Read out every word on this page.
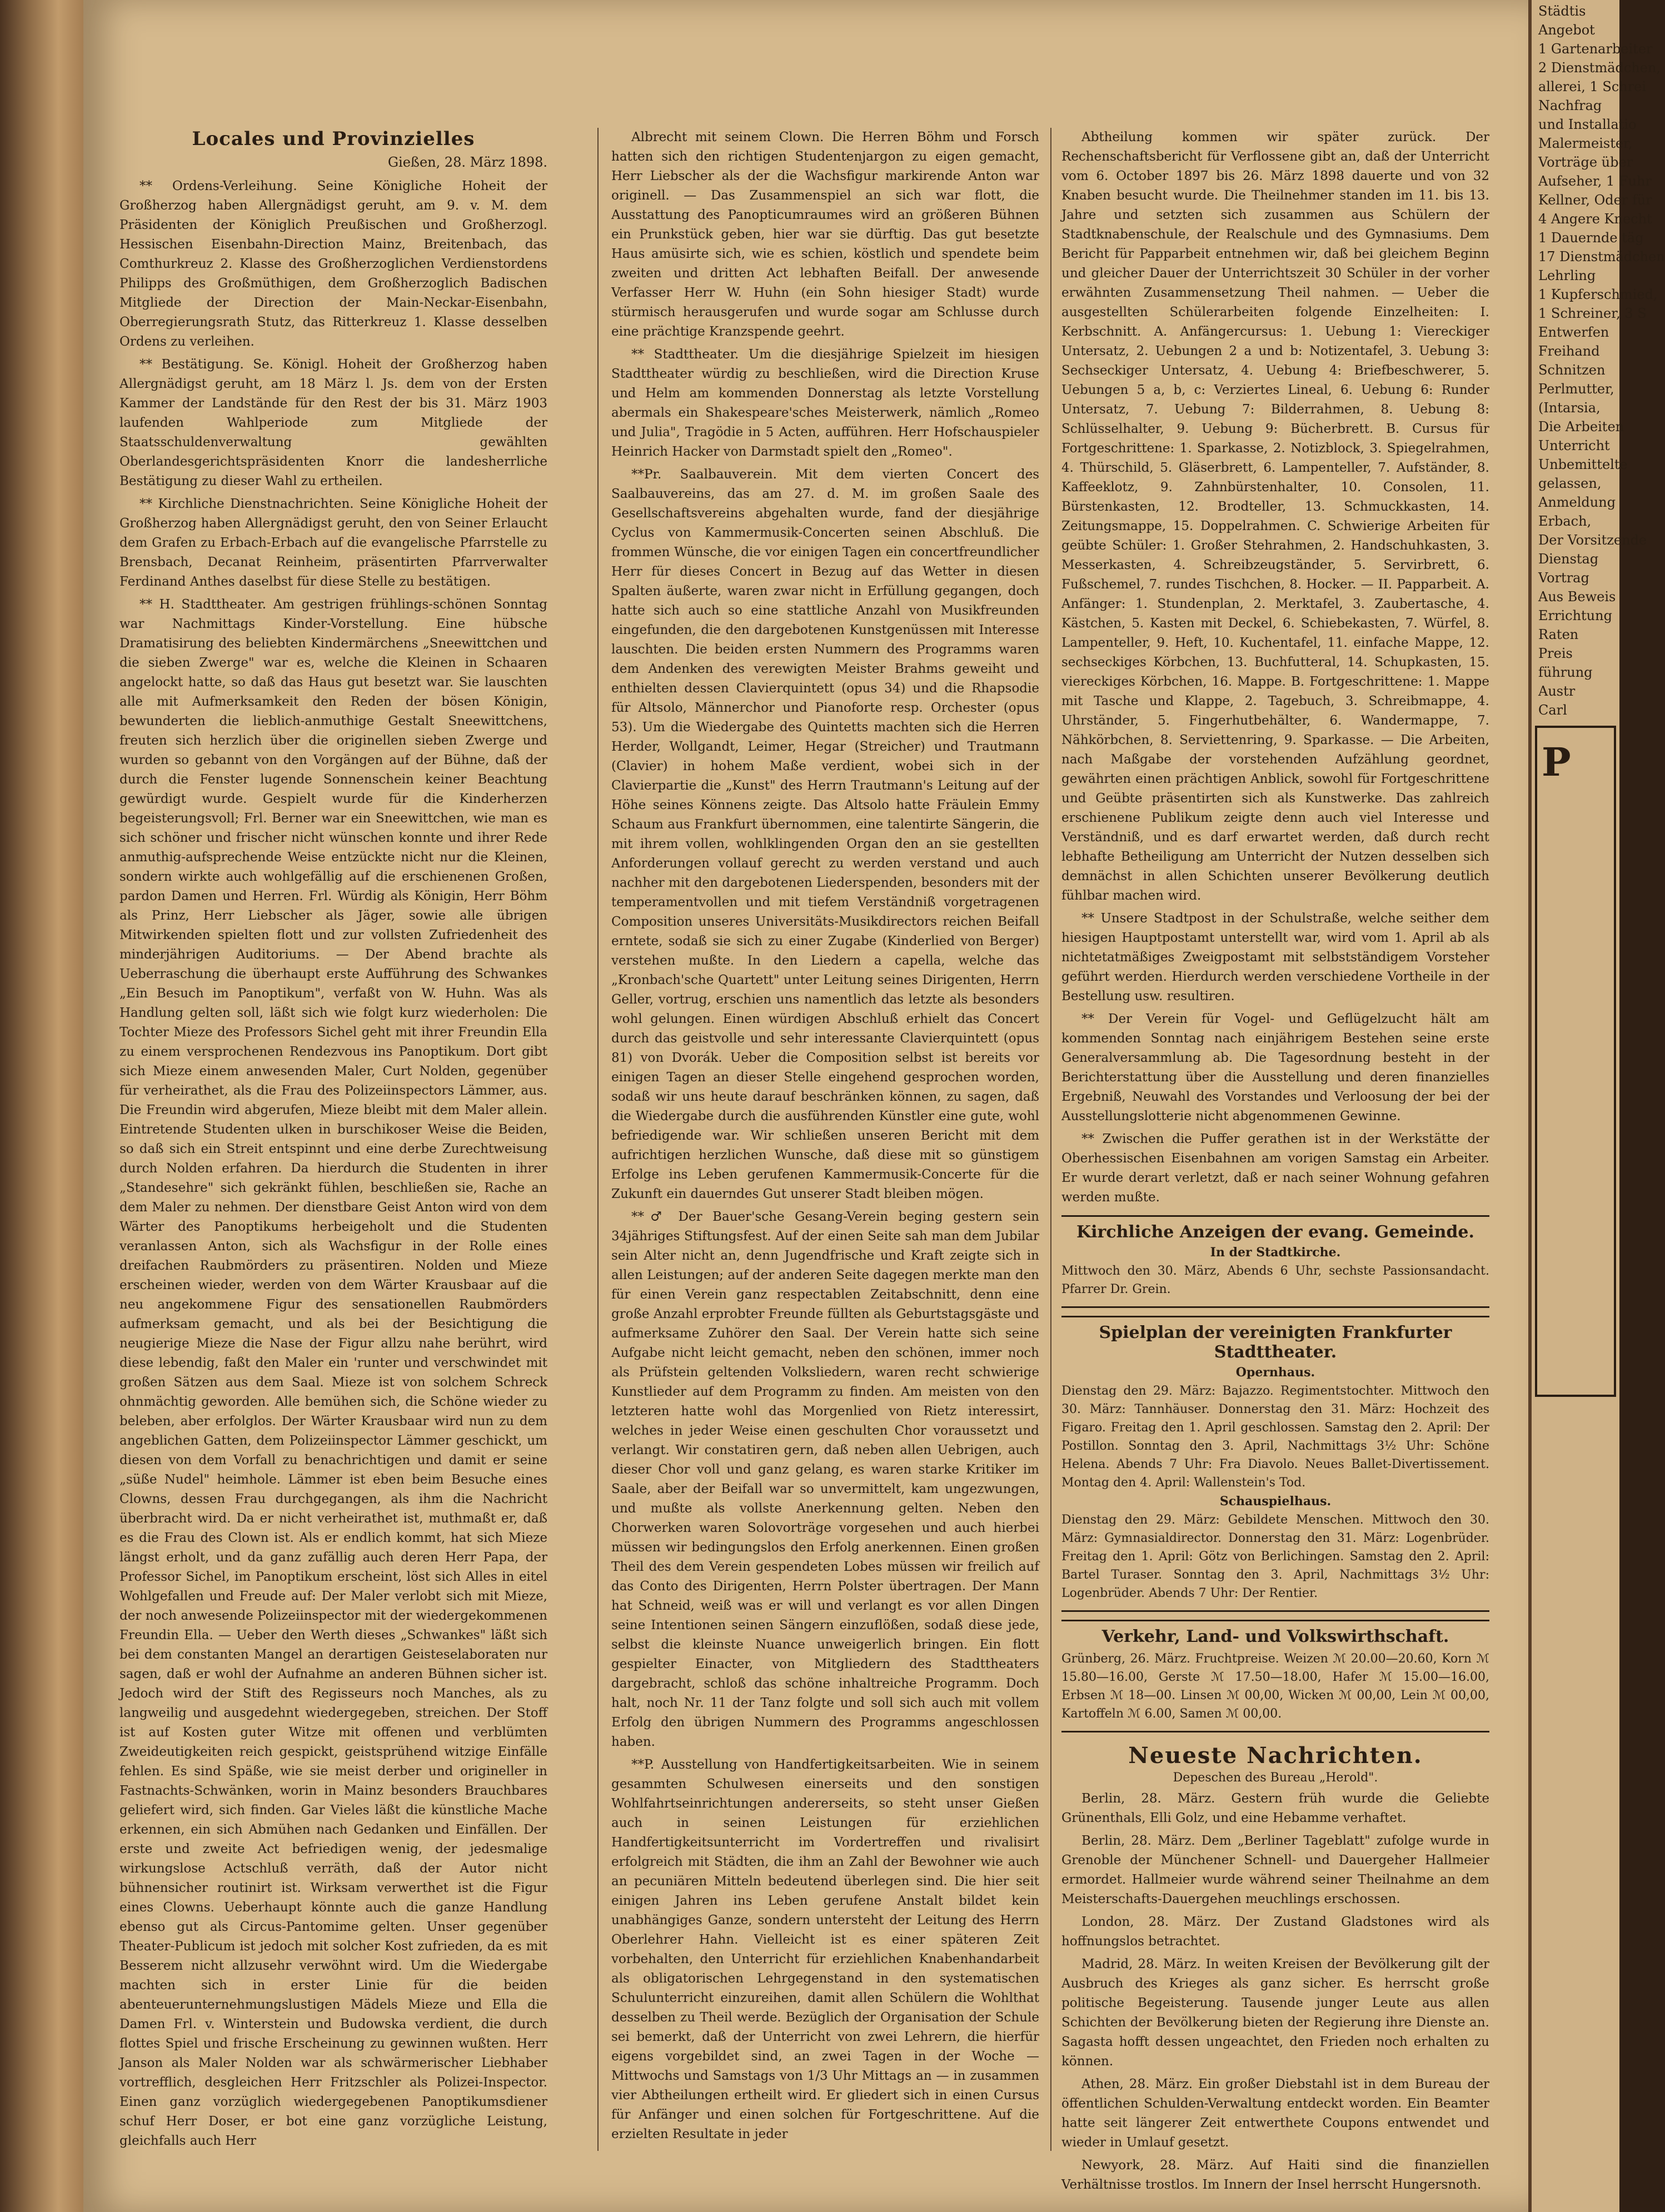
Locales und Provinzielles
Gießen, 28. März 1898.

** Ordens-Verleihung. Seine Königliche Hoheit der Großherzog haben Allergnädigst geruht, am 9. v. M. dem Präsidenten der Königlich Preußischen und Großherzogl. Hessischen Eisenbahn-Direction Mainz, Breitenbach, das Comthurkreuz 2. Klasse des Großherzoglichen Verdienstordens Philipps des Großmüthigen, dem Großherzoglich Badischen Mitgliede der Direction der Main-Neckar-Eisenbahn, Oberregierungsrath Stutz, das Ritterkreuz 1. Klasse desselben Ordens zu verleihen.

** Bestätigung. Se. Königl. Hoheit der Großherzog haben Allergnädigst geruht, am 18 März l. Js. dem von der Ersten Kammer der Landstände für den Rest der bis 31. März 1903 laufenden Wahlperiode zum Mitgliede der Staatsschuldenverwaltung gewählten Oberlandesgerichtspräsidenten Knorr die landesherrliche Bestätigung zu dieser Wahl zu ertheilen.

** Kirchliche Dienstnachrichten. Seine Königliche Hoheit der Großherzog haben Allergnädigst geruht, den von Seiner Erlaucht dem Grafen zu Erbach-Erbach auf die evangelische Pfarrstelle zu Brensbach, Decanat Reinheim, präsentirten Pfarrverwalter Ferdinand Anthes daselbst für diese Stelle zu bestätigen.

** H. Stadttheater. Am gestrigen frühlings-schönen Sonntag war Nachmittags Kinder-Vorstellung. Eine hübsche Dramatisirung des beliebten Kindermärchens „Sneewittchen und die sieben Zwerge" war es, welche die Kleinen in Schaaren angelockt hatte, so daß das Haus gut besetzt war. Sie lauschten alle mit Aufmerksamkeit den Reden der bösen Königin, bewunderten die lieblich-anmuthige Gestalt Sneewittchens, freuten sich herzlich über die originellen sieben Zwerge und wurden so gebannt von den Vorgängen auf der Bühne, daß der durch die Fenster lugende Sonnenschein keiner Beachtung gewürdigt wurde. Gespielt wurde für die Kinderherzen begeisterungsvoll; Frl. Berner war ein Sneewittchen, wie man es sich schöner und frischer nicht wünschen konnte und ihrer Rede anmuthig-aufsprechende Weise entzückte nicht nur die Kleinen, sondern wirkte auch wohlgefällig auf die erschienenen Großen, pardon Damen und Herren. Frl. Würdig als Königin, Herr Böhm als Prinz, Herr Liebscher als Jäger, sowie alle übrigen Mitwirkenden spielten flott und zur vollsten Zufriedenheit des minderjährigen Auditoriums. — Der Abend brachte als Ueberraschung die überhaupt erste Aufführung des Schwankes „Ein Besuch im Panoptikum", verfaßt von W. Huhn. Was als Handlung gelten soll, läßt sich wie folgt kurz wiederholen: Die Tochter Mieze des Professors Sichel geht mit ihrer Freundin Ella zu einem versprochenen Rendezvous ins Panoptikum. Dort gibt sich Mieze einem anwesenden Maler, Curt Nolden, gegenüber für verheirathet, als die Frau des Polizeiinspectors Lämmer, aus. Die Freundin wird abgerufen, Mieze bleibt mit dem Maler allein. Eintretende Studenten ulken in burschikoser Weise die Beiden, so daß sich ein Streit entspinnt und eine derbe Zurechtweisung durch Nolden erfahren. Da hierdurch die Studenten in ihrer „Standesehre" sich gekränkt fühlen, beschließen sie, Rache an dem Maler zu nehmen. Der dienstbare Geist Anton wird von dem Wärter des Panoptikums herbeigeholt und die Studenten veranlassen Anton, sich als Wachsfigur in der Rolle eines dreifachen Raubmörders zu präsentiren. Nolden und Mieze erscheinen wieder, werden von dem Wärter Krausbaar auf die neu angekommene Figur des sensationellen Raubmörders aufmerksam gemacht, und als bei der Besichtigung die neugierige Mieze die Nase der Figur allzu nahe berührt, wird diese lebendig, faßt den Maler ein 'runter und verschwindet mit großen Sätzen aus dem Saal. Mieze ist von solchem Schreck ohnmächtig geworden. Alle bemühen sich, die Schöne wieder zu beleben, aber erfolglos. Der Wärter Krausbaar wird nun zu dem angeblichen Gatten, dem Polizeiinspector Lämmer geschickt, um diesen von dem Vorfall zu benachrichtigen und damit er seine „süße Nudel" heimhole. Lämmer ist eben beim Besuche eines Clowns, dessen Frau durchgegangen, als ihm die Nachricht überbracht wird. Da er nicht verheirathet ist, muthmaßt er, daß es die Frau des Clown ist. Als er endlich kommt, hat sich Mieze längst erholt, und da ganz zufällig auch deren Herr Papa, der Professor Sichel, im Panoptikum erscheint, löst sich Alles in eitel Wohlgefallen und Freude auf: Der Maler verlobt sich mit Mieze, der noch anwesende Polizeiinspector mit der wiedergekommenen Freundin Ella. — Ueber den Werth dieses „Schwankes" läßt sich bei dem constanten Mangel an derartigen Geisteselaboraten nur sagen, daß er wohl der Aufnahme an anderen Bühnen sicher ist. Jedoch wird der Stift des Regisseurs noch Manches, als zu langweilig und ausgedehnt wiedergegeben, streichen. Der Stoff ist auf Kosten guter Witze mit offenen und verblümten Zweideutigkeiten reich gespickt, geistsprühend witzige Einfälle fehlen. Es sind Späße, wie sie meist derber und origineller in Fastnachts-Schwänken, worin in Mainz besonders Brauchbares geliefert wird, sich finden. Gar Vieles läßt die künstliche Mache erkennen, ein sich Abmühen nach Gedanken und Einfällen. Der erste und zweite Act befriedigen wenig, der jedesmalige wirkungslose Actschluß verräth, daß der Autor nicht bühnensicher routinirt ist. Wirksam verwerthet ist die Figur eines Clowns. Ueberhaupt könnte auch die ganze Handlung ebenso gut als Circus-Pantomime gelten. Unser gegenüber Theater-Publicum ist jedoch mit solcher Kost zufrieden, da es mit Besserem nicht allzusehr verwöhnt wird. Um die Wiedergabe machten sich in erster Linie für die beiden abenteuerunternehmungslustigen Mädels Mieze und Ella die Damen Frl. v. Winterstein und Budowska verdient, die durch flottes Spiel und frische Erscheinung zu gewinnen wußten. Herr Janson als Maler Nolden war als schwärmerischer Liebhaber vortrefflich, desgleichen Herr Fritzschler als Polizei-Inspector. Einen ganz vorzüglich wiedergegebenen Panoptikumsdiener schuf Herr Doser, er bot eine ganz vorzügliche Leistung, gleichfalls auch Herr

Albrecht mit seinem Clown. Die Herren Böhm und Forsch hatten sich den richtigen Studentenjargon zu eigen gemacht, Herr Liebscher als der die Wachsfigur markirende Anton war originell. — Das Zusammenspiel an sich war flott, die Ausstattung des Panopticumraumes wird an größeren Bühnen ein Prunkstück geben, hier war sie dürftig. Das gut besetzte Haus amüsirte sich, wie es schien, köstlich und spendete beim zweiten und dritten Act lebhaften Beifall. Der anwesende Verfasser Herr W. Huhn (ein Sohn hiesiger Stadt) wurde stürmisch herausgerufen und wurde sogar am Schlusse durch eine prächtige Kranzspende geehrt.

** Stadttheater. Um die diesjährige Spielzeit im hiesigen Stadttheater würdig zu beschließen, wird die Direction Kruse und Helm am kommenden Donnerstag als letzte Vorstellung abermals ein Shakespeare'sches Meisterwerk, nämlich „Romeo und Julia", Tragödie in 5 Acten, aufführen. Herr Hofschauspieler Heinrich Hacker von Darmstadt spielt den „Romeo".

**Pr. Saalbauverein. Mit dem vierten Concert des Saalbauvereins, das am 27. d. M. im großen Saale des Gesellschaftsvereins abgehalten wurde, fand der diesjährige Cyclus von Kammermusik-Concerten seinen Abschluß. Die frommen Wünsche, die vor einigen Tagen ein concertfreundlicher Herr für dieses Concert in Bezug auf das Wetter in diesen Spalten äußerte, waren zwar nicht in Erfüllung gegangen, doch hatte sich auch so eine stattliche Anzahl von Musikfreunden eingefunden, die den dargebotenen Kunstgenüssen mit Interesse lauschten. Die beiden ersten Nummern des Programms waren dem Andenken des verewigten Meister Brahms geweiht und enthielten dessen Clavierquintett (opus 34) und die Rhapsodie für Altsolo, Männerchor und Pianoforte resp. Orchester (opus 53). Um die Wiedergabe des Quintetts machten sich die Herren Herder, Wollgandt, Leimer, Hegar (Streicher) und Trautmann (Clavier) in hohem Maße verdient, wobei sich in der Clavierpartie die „Kunst" des Herrn Trautmann's Leitung auf der Höhe seines Könnens zeigte. Das Altsolo hatte Fräulein Emmy Schaum aus Frankfurt übernommen, eine talentirte Sängerin, die mit ihrem vollen, wohlklingenden Organ den an sie gestellten Anforderungen vollauf gerecht zu werden verstand und auch nachher mit den dargebotenen Liederspenden, besonders mit der temperamentvollen und mit tiefem Verständniß vorgetragenen Composition unseres Universitäts-Musikdirectors reichen Beifall erntete, sodaß sie sich zu einer Zugabe (Kinderlied von Berger) verstehen mußte. In den Liedern a capella, welche das „Kronbach'sche Quartett" unter Leitung seines Dirigenten, Herrn Geller, vortrug, erschien uns namentlich das letzte als besonders wohl gelungen. Einen würdigen Abschluß erhielt das Concert durch das geistvolle und sehr interessante Clavierquintett (opus 81) von Dvorák. Ueber die Composition selbst ist bereits vor einigen Tagen an dieser Stelle eingehend gesprochen worden, sodaß wir uns heute darauf beschränken können, zu sagen, daß die Wiedergabe durch die ausführenden Künstler eine gute, wohl befriedigende war. Wir schließen unseren Bericht mit dem aufrichtigen herzlichen Wunsche, daß diese mit so günstigem Erfolge ins Leben gerufenen Kammermusik-Concerte für die Zukunft ein dauerndes Gut unserer Stadt bleiben mögen.

**♂ Der Bauer'sche Gesang-Verein beging gestern sein 34jähriges Stiftungsfest. Auf der einen Seite sah man dem Jubilar sein Alter nicht an, denn Jugendfrische und Kraft zeigte sich in allen Leistungen; auf der anderen Seite dagegen merkte man den für einen Verein ganz respectablen Zeitabschnitt, denn eine große Anzahl erprobter Freunde füllten als Geburtstagsgäste und aufmerksame Zuhörer den Saal. Der Verein hatte sich seine Aufgabe nicht leicht gemacht, neben den schönen, immer noch als Prüfstein geltenden Volksliedern, waren recht schwierige Kunstlieder auf dem Programm zu finden. Am meisten von den letzteren hatte wohl das Morgenlied von Rietz interessirt, welches in jeder Weise einen geschulten Chor voraussetzt und verlangt. Wir constatiren gern, daß neben allen Uebrigen, auch dieser Chor voll und ganz gelang, es waren starke Kritiker im Saale, aber der Beifall war so unvermittelt, kam ungezwungen, und mußte als vollste Anerkennung gelten. Neben den Chorwerken waren Solovorträge vorgesehen und auch hierbei müssen wir bedingungslos den Erfolg anerkennen. Einen großen Theil des dem Verein gespendeten Lobes müssen wir freilich auf das Conto des Dirigenten, Herrn Polster übertragen. Der Mann hat Schneid, weiß was er will und verlangt es vor allen Dingen seine Intentionen seinen Sängern einzuflößen, sodaß diese jede, selbst die kleinste Nuance unweigerlich bringen. Ein flott gespielter Einacter, von Mitgliedern des Stadttheaters dargebracht, schloß das schöne inhaltreiche Programm. Doch halt, noch Nr. 11 der Tanz folgte und soll sich auch mit vollem Erfolg den übrigen Nummern des Programms angeschlossen haben.

**P. Ausstellung von Handfertigkeitsarbeiten. Wie in seinem gesammten Schulwesen einerseits und den sonstigen Wohlfahrtseinrichtungen andererseits, so steht unser Gießen auch in seinen Leistungen für erziehlichen Handfertigkeitsunterricht im Vordertreffen und rivalisirt erfolgreich mit Städten, die ihm an Zahl der Bewohner wie auch an pecuniären Mitteln bedeutend überlegen sind. Die hier seit einigen Jahren ins Leben gerufene Anstalt bildet kein unabhängiges Ganze, sondern untersteht der Leitung des Herrn Oberlehrer Hahn. Vielleicht ist es einer späteren Zeit vorbehalten, den Unterricht für erziehlichen Knabenhandarbeit als obligatorischen Lehrgegenstand in den systematischen Schulunterricht einzureihen, damit allen Schülern die Wohlthat desselben zu Theil werde. Bezüglich der Organisation der Schule sei bemerkt, daß der Unterricht von zwei Lehrern, die hierfür eigens vorgebildet sind, an zwei Tagen in der Woche — Mittwochs und Samstags von 1/3 Uhr Mittags an — in zusammen vier Abtheilungen ertheilt wird. Er gliedert sich in einen Cursus für Anfänger und einen solchen für Fortgeschrittene. Auf die erzielten Resultate in jeder

Abtheilung kommen wir später zurück. Der Rechenschaftsbericht für Verflossene gibt an, daß der Unterricht vom 6. October 1897 bis 26. März 1898 dauerte und von 32 Knaben besucht wurde. Die Theilnehmer standen im 11. bis 13. Jahre und setzten sich zusammen aus Schülern der Stadtknabenschule, der Realschule und des Gymnasiums. Dem Bericht für Papparbeit entnehmen wir, daß bei gleichem Beginn und gleicher Dauer der Unterrichtszeit 30 Schüler in der vorher erwähnten Zusammensetzung Theil nahmen. — Ueber die ausgestellten Schülerarbeiten folgende Einzelheiten: I. Kerbschnitt. A. Anfängercursus: 1. Uebung 1: Viereckiger Untersatz, 2. Uebungen 2 a und b: Notizentafel, 3. Uebung 3: Sechseckiger Untersatz, 4. Uebung 4: Briefbeschwerer, 5. Uebungen 5 a, b, c: Verziertes Lineal, 6. Uebung 6: Runder Untersatz, 7. Uebung 7: Bilderrahmen, 8. Uebung 8: Schlüsselhalter, 9. Uebung 9: Bücherbrett. B. Cursus für Fortgeschrittene: 1. Sparkasse, 2. Notizblock, 3. Spiegelrahmen, 4. Thürschild, 5. Gläserbrett, 6. Lampenteller, 7. Aufständer, 8. Kaffeeklotz, 9. Zahnbürstenhalter, 10. Consolen, 11. Bürstenkasten, 12. Brodteller, 13. Schmuckkasten, 14. Zeitungsmappe, 15. Doppelrahmen. C. Schwierige Arbeiten für geübte Schüler: 1. Großer Stehrahmen, 2. Handschuhkasten, 3. Messerkasten, 4. Schreibzeugständer, 5. Servirbrett, 6. Fußschemel, 7. rundes Tischchen, 8. Hocker. — II. Papparbeit. A. Anfänger: 1. Stundenplan, 2. Merktafel, 3. Zaubertasche, 4. Kästchen, 5. Kasten mit Deckel, 6. Schiebekasten, 7. Würfel, 8. Lampenteller, 9. Heft, 10. Kuchentafel, 11. einfache Mappe, 12. sechseckiges Körbchen, 13. Buchfutteral, 14. Schupkasten, 15. viereckiges Körbchen, 16. Mappe. B. Fortgeschrittene: 1. Mappe mit Tasche und Klappe, 2. Tagebuch, 3. Schreibmappe, 4. Uhrständer, 5. Fingerhutbehälter, 6. Wandermappe, 7. Nähkörbchen, 8. Serviettenring, 9. Sparkasse. — Die Arbeiten, nach Maßgabe der vorstehenden Aufzählung geordnet, gewährten einen prächtigen Anblick, sowohl für Fortgeschrittene und Geübte präsentirten sich als Kunstwerke. Das zahlreich erschienene Publikum zeigte denn auch viel Interesse und Verständniß, und es darf erwartet werden, daß durch recht lebhafte Betheiligung am Unterricht der Nutzen desselben sich demnächst in allen Schichten unserer Bevölkerung deutlich fühlbar machen wird.

** Unsere Stadtpost in der Schulstraße, welche seither dem hiesigen Hauptpostamt unterstellt war, wird vom 1. April ab als nichtetatmäßiges Zweigpostamt mit selbstständigem Vorsteher geführt werden. Hierdurch werden verschiedene Vortheile in der Bestellung usw. resultiren.

** Der Verein für Vogel- und Geflügelzucht hält am kommenden Sonntag nach einjährigem Bestehen seine erste Generalversammlung ab. Die Tagesordnung besteht in der Berichterstattung über die Ausstellung und deren finanzielles Ergebniß, Neuwahl des Vorstandes und Verloosung der bei der Ausstellungslotterie nicht abgenommenen Gewinne.

** Zwischen die Puffer gerathen ist in der Werkstätte der Oberhessischen Eisenbahnen am vorigen Samstag ein Arbeiter. Er wurde derart verletzt, daß er nach seiner Wohnung gefahren werden mußte.

Kirchliche Anzeigen der evang. Gemeinde.
In der Stadtkirche.

Mittwoch den 30. März, Abends 6 Uhr, sechste Passionsandacht. Pfarrer Dr. Grein.

Spielplan der vereinigten Frankfurter Stadttheater.
Opernhaus.

Dienstag den 29. März: Bajazzo. Regimentstochter. Mittwoch den 30. März: Tannhäuser. Donnerstag den 31. März: Hochzeit des Figaro. Freitag den 1. April geschlossen. Samstag den 2. April: Der Postillon. Sonntag den 3. April, Nachmittags 3½ Uhr: Schöne Helena. Abends 7 Uhr: Fra Diavolo. Neues Ballet-Divertissement. Montag den 4. April: Wallenstein's Tod.

Schauspielhaus.

Dienstag den 29. März: Gebildete Menschen. Mittwoch den 30. März: Gymnasialdirector. Donnerstag den 31. März: Logenbrüder. Freitag den 1. April: Götz von Berlichingen. Samstag den 2. April: Bartel Turaser. Sonntag den 3. April, Nachmittags 3½ Uhr: Logenbrüder. Abends 7 Uhr: Der Rentier.

Verkehr, Land- und Volkswirthschaft.

Grünberg, 26. März. Fruchtpreise. Weizen ℳ 20.00—20.60, Korn ℳ 15.80—16.00, Gerste ℳ 17.50—18.00, Hafer ℳ 15.00—16.00, Erbsen ℳ 18—00. Linsen ℳ 00,00, Wicken ℳ 00,00, Lein ℳ 00,00, Kartoffeln ℳ 6.00, Samen ℳ 00,00.

Neueste Nachrichten.
Depeschen des Bureau „Herold".

Berlin, 28. März. Gestern früh wurde die Geliebte Grünenthals, Elli Golz, und eine Hebamme verhaftet.

Berlin, 28. März. Dem „Berliner Tageblatt" zufolge wurde in Grenoble der Münchener Schnell- und Dauergeher Hallmeier ermordet. Hallmeier wurde während seiner Theilnahme an dem Meisterschafts-Dauergehen meuchlings erschossen.

London, 28. März. Der Zustand Gladstones wird als hoffnungslos betrachtet.

Madrid, 28. März. In weiten Kreisen der Bevölkerung gilt der Ausbruch des Krieges als ganz sicher. Es herrscht große politische Begeisterung. Tausende junger Leute aus allen Schichten der Bevölkerung bieten der Regierung ihre Dienste an. Sagasta hofft dessen ungeachtet, den Frieden noch erhalten zu können.

Athen, 28. März. Ein großer Diebstahl ist in dem Bureau der öffentlichen Schulden-Verwaltung entdeckt worden. Ein Beamter hatte seit längerer Zeit entwerthete Coupons entwendet und wieder in Umlauf gesetzt.

Newyork, 28. März. Auf Haiti sind die finanziellen Verhältnisse trostlos. Im Innern der Insel herrscht Hungersnoth.

Städtis
Angebot
1 Gartenarbeiter
2 Dienstmädchen,
allerei, 1 Schrei
Nachfrag
und Installatio
Malermeister,
Vorträge über
Aufseher, 1 Fuhr
Kellner, Oder für
4 Angere Knecht
1 Dauernde täg
17 Dienstmädchen
Lehrling
1 Kupferschmied,
1 Schreiner, 3 S
Entwerfen
Freihand
Schnitzen
Perlmutter,
(Intarsia,
Die Arbeiten
Unterricht
Unbemittelte
gelassen,
Anmeldung
Erbach,
Der Vorsitzende
Dienstag
Vortrag
Aus Beweis
Errichtung
Raten
Preis
führung
Austr
Carl
P
